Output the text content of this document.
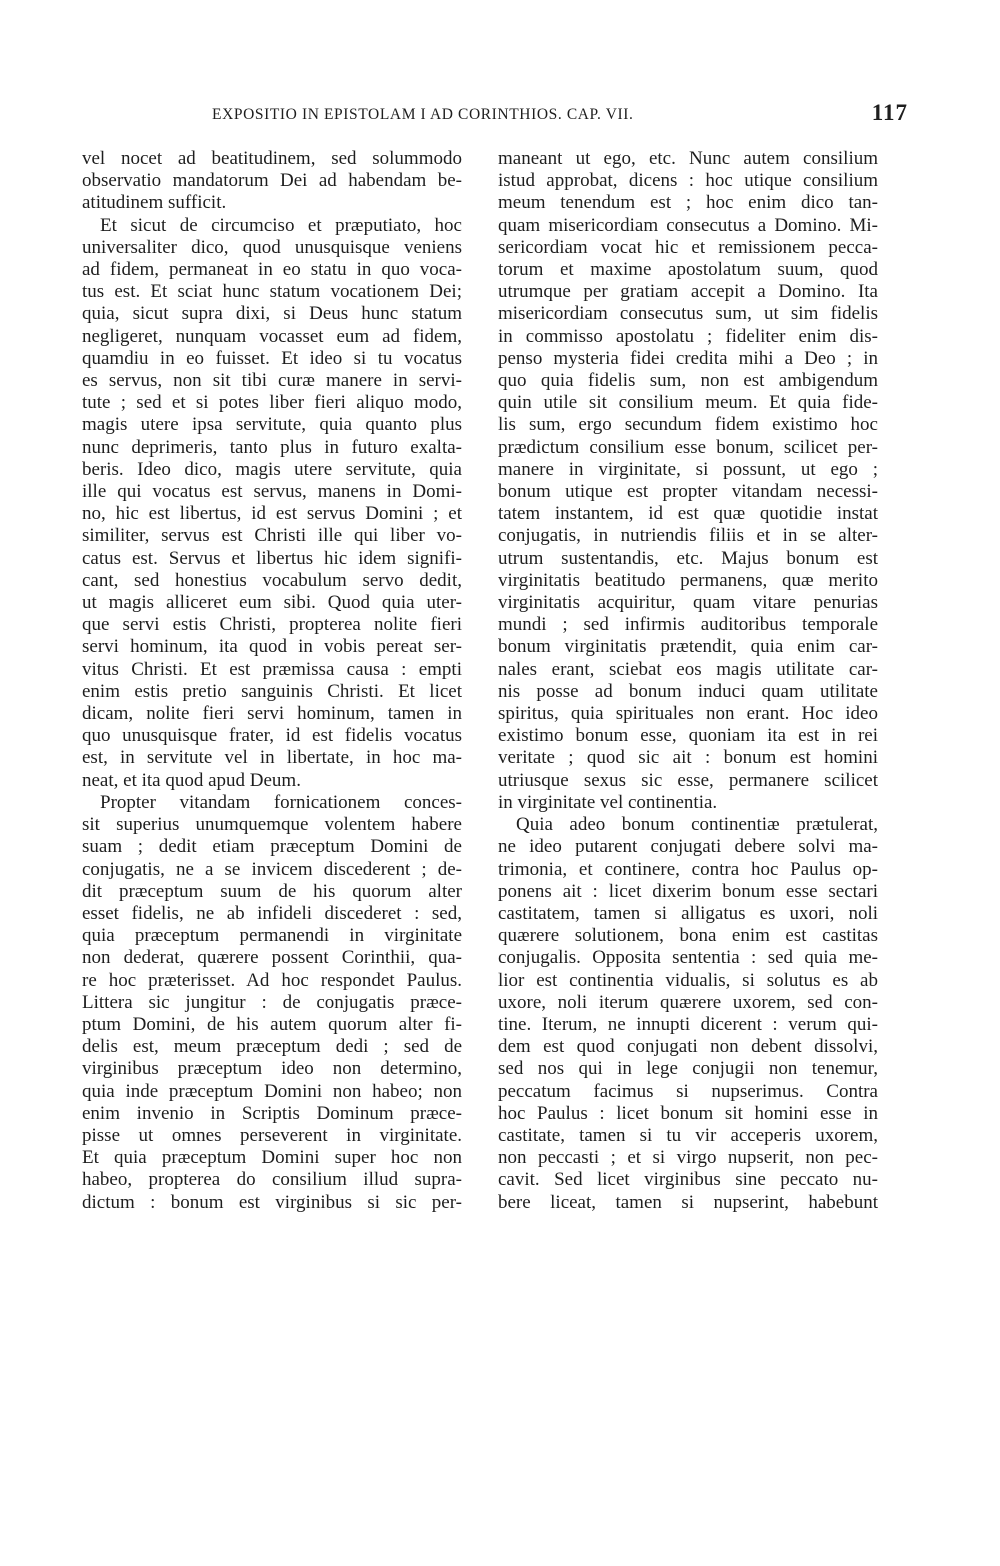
EXPOSITIO IN EPISTOLAM I AD CORINTHIOS. CAP. VII.	117
vel nocet ad beatitudinem, sed solummodo
observatio mandatorum Dei ad habendam be-
atitudinem sufficit.
Et sicut de circumciso et præputiato, hoc
universaliter dico, quod unusquisque veniens
ad fidem, permaneat in eo statu in quo voca-
tus est. Et sciat hunc statum vocationem Dei;
quia, sicut supra dixi, si Deus hunc statum
negligeret, nunquam vocasset eum ad fidem,
quamdiu in eo fuisset. Et ideo si tu vocatus
es servus, non sit tibi curæ manere in servi-
tute ; sed et si potes liber fieri aliquo modo,
magis utere ipsa servitute, quia quanto plus
nunc deprimeris, tanto plus in futuro exalta-
beris. Ideo dico, magis utere servitute, quia
ille qui vocatus est servus, manens in Domi-
no, hic est libertus, id est servus Domini ; et
similiter, servus est Christi ille qui liber vo-
catus est. Servus et libertus hic idem signifi-
cant, sed honestius vocabulum servo dedit,
ut magis alliceret eum sibi. Quod quia uter-
que servi estis Christi, propterea nolite fieri
servi hominum, ita quod in vobis pereat ser-
vitus Christi. Et est præmissa causa : empti
enim estis pretio sanguinis Christi. Et licet
dicam, nolite fieri servi hominum, tamen in
quo unusquisque frater, id est fidelis vocatus
est, in servitute vel in libertate, in hoc ma-
neat, et ita quod apud Deum.
Propter vitandam fornicationem conces-
sit superius unumquemque volentem habere
suam ; dedit etiam præceptum Domini de
conjugatis, ne a se invicem discederent ; de-
dit præceptum suum de his quorum alter
esset fidelis, ne ab infideli discederet : sed,
quia præceptum permanendi in virginitate
non dederat, quærere possent Corinthii, qua-
re hoc præterisset. Ad hoc respondet Paulus.
Littera sic jungitur : de conjugatis præce-
ptum Domini, de his autem quorum alter fi-
delis est, meum præceptum dedi ; sed de
virginibus præceptum ideo non determino,
quia inde præceptum Domini non habeo; non
enim invenio in Scriptis Dominum præce-
pisse ut omnes perseverent in virginitate.
Et quia præceptum Domini super hoc non
habeo, propterea do consilium illud supra-
dictum : bonum est virginibus si sic per-
maneant ut ego, etc. Nunc autem consilium
istud approbat, dicens : hoc utique consilium
meum tenendum est ; hoc enim dico tan-
quam misericordiam consecutus a Domino. Mi-
sericordiam vocat hic et remissionem pecca-
torum et maxime apostolatum suum, quod
utrumque per gratiam accepit a Domino. Ita
misericordiam consecutus sum, ut sim fidelis
in commisso apostolatu ; fideliter enim dis-
penso mysteria fidei credita mihi a Deo ; in
quo quia fidelis sum, non est ambigendum
quin utile sit consilium meum. Et quia fide-
lis sum, ergo secundum fidem existimo hoc
prædictum consilium esse bonum, scilicet per-
manere in virginitate, si possunt, ut ego ;
bonum utique est propter vitandam necessi-
tatem instantem, id est quæ quotidie instat
conjugatis, in nutriendis filiis et in se alter-
utrum sustentandis, etc. Majus bonum est
virginitatis beatitudo permanens, quæ merito
virginitatis acquiritur, quam vitare penurias
mundi ; sed infirmis auditoribus temporale
bonum virginitatis prætendit, quia enim car-
nales erant, sciebat eos magis utilitate car-
nis posse ad bonum induci quam utilitate
spiritus, quia spirituales non erant. Hoc ideo
existimo bonum esse, quoniam ita est in rei
veritate ; quod sic ait : bonum est homini
utriusque sexus sic esse, permanere scilicet
in virginitate vel continentia.
Quia adeo bonum continentiæ prætulerat,
ne ideo putarent conjugati debere solvi ma-
trimonia, et continere, contra hoc Paulus op-
ponens ait : licet dixerim bonum esse sectari
castitatem, tamen si alligatus es uxori, noli
quærere solutionem, bona enim est castitas
conjugalis. Opposita sententia : sed quia me-
lior est continentia vidualis, si solutus es ab
uxore, noli iterum quærere uxorem, sed con-
tine. Iterum, ne innupti dicerent : verum qui-
dem est quod conjugati non debent dissolvi,
sed nos qui in lege conjugii non tenemur,
peccatum facimus si nupserimus. Contra
hoc Paulus : licet bonum sit homini esse in
castitate, tamen si tu vir acceperis uxorem,
non peccasti ; et si virgo nupserit, non pec-
cavit. Sed licet virginibus sine peccato nu-
bere liceat, tamen si nupserint, habebunt
